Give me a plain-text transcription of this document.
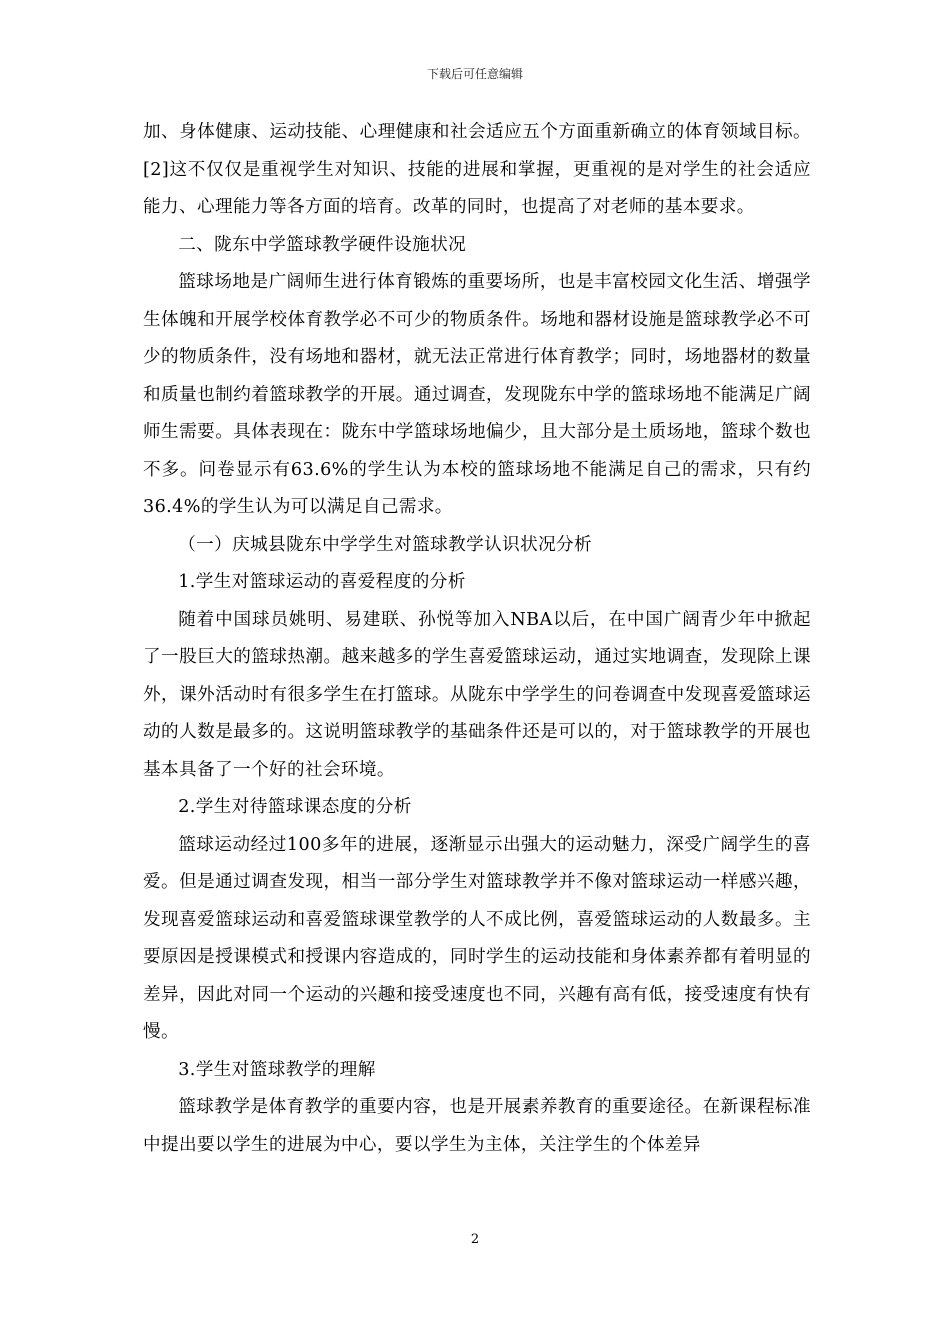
下载后可任意编辑

加、身体健康、运动技能、心理健康和社会适应五个方面重新确立的体育领域目标。[2]这不仅仅是重视学生对知识、技能的进展和掌握，更重视的是对学生的社会适应能力、心理能力等各方面的培育。改革的同时，也提高了对老师的基本要求。

二、陇东中学篮球教学硬件设施状况

篮球场地是广阔师生进行体育锻炼的重要场所，也是丰富校园文化生活、增强学生体魄和开展学校体育教学必不可少的物质条件。场地和器材设施是篮球教学必不可少的物质条件，没有场地和器材，就无法正常进行体育教学；同时，场地器材的数量和质量也制约着篮球教学的开展。通过调查，发现陇东中学的篮球场地不能满足广阔师生需要。具体表现在：陇东中学篮球场地偏少，且大部分是土质场地，篮球个数也不多。问卷显示有63.6%的学生认为本校的篮球场地不能满足自己的需求，只有约36.4%的学生认为可以满足自己需求。

（一）庆城县陇东中学学生对篮球教学认识状况分析

1.学生对篮球运动的喜爱程度的分析

随着中国球员姚明、易建联、孙悦等加入NBA以后，在中国广阔青少年中掀起了一股巨大的篮球热潮。越来越多的学生喜爱篮球运动，通过实地调查，发现除上课外，课外活动时有很多学生在打篮球。从陇东中学学生的问卷调查中发现喜爱篮球运动的人数是最多的。这说明篮球教学的基础条件还是可以的，对于篮球教学的开展也基本具备了一个好的社会环境。

2.学生对待篮球课态度的分析

篮球运动经过100多年的进展，逐渐显示出强大的运动魅力，深受广阔学生的喜爱。但是通过调查发现，相当一部分学生对篮球教学并不像对篮球运动一样感兴趣，发现喜爱篮球运动和喜爱篮球课堂教学的人不成比例，喜爱篮球运动的人数最多。主要原因是授课模式和授课内容造成的，同时学生的运动技能和身体素养都有着明显的差异，因此对同一个运动的兴趣和接受速度也不同，兴趣有高有低，接受速度有快有慢。

3.学生对篮球教学的理解

篮球教学是体育教学的重要内容，也是开展素养教育的重要途径。在新课程标准中提出要以学生的进展为中心，要以学生为主体，关注学生的个体差异

2
